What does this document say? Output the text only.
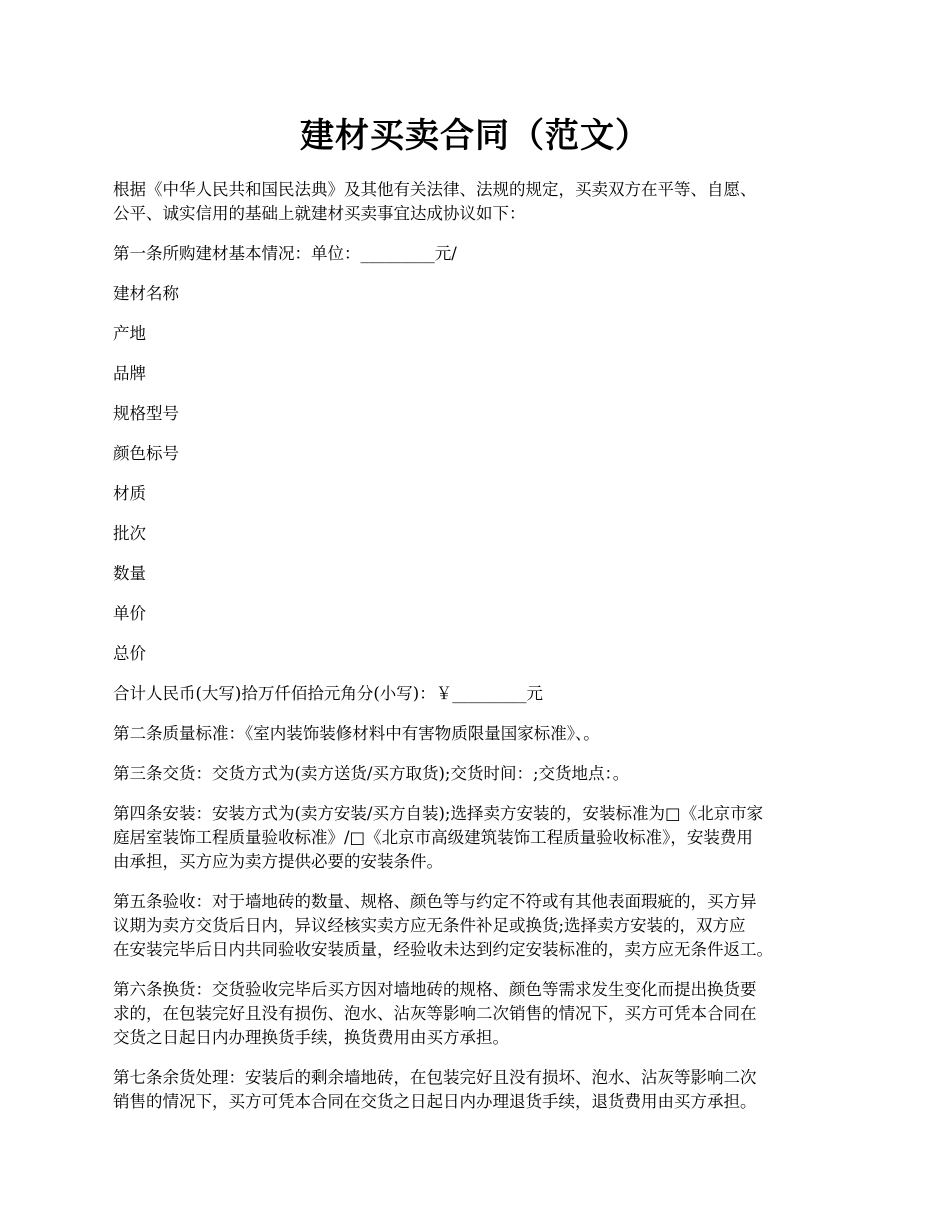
建材买卖合同（范文）
根据《中华人民共和国民法典》及其他有关法律、法规的规定，买卖双方在平等、自愿、
公平、诚实信用的基础上就建材买卖事宜达成协议如下：
第一条所购建材基本情况：单位：_________元/
建材名称
产地
品牌
规格型号
颜色标号
材质
批次
数量
单价
总价
合计人民币(大写)拾万仟佰拾元角分(小写)：￥_________元
第二条质量标准：《室内装饰装修材料中有害物质限量国家标准》、。
第三条交货：交货方式为(卖方送货/买方取货);交货时间：;交货地点：。
第四条安装：安装方式为(卖方安装/买方自装);选择卖方安装的，安装标准为□《北京市家
庭居室装饰工程质量验收标准》/□《北京市高级建筑装饰工程质量验收标准》，安装费用
由承担，买方应为卖方提供必要的安装条件。
第五条验收：对于墙地砖的数量、规格、颜色等与约定不符或有其他表面瑕疵的，买方异
议期为卖方交货后日内，异议经核实卖方应无条件补足或换货;选择卖方安装的，双方应
在安装完毕后日内共同验收安装质量，经验收未达到约定安装标准的，卖方应无条件返工。
第六条换货：交货验收完毕后买方因对墙地砖的规格、颜色等需求发生变化而提出换货要
求的，在包装完好且没有损伤、泡水、沾灰等影响二次销售的情况下，买方可凭本合同在
交货之日起日内办理换货手续，换货费用由买方承担。
第七条余货处理：安装后的剩余墙地砖，在包装完好且没有损坏、泡水、沾灰等影响二次
销售的情况下，买方可凭本合同在交货之日起日内办理退货手续，退货费用由买方承担。
